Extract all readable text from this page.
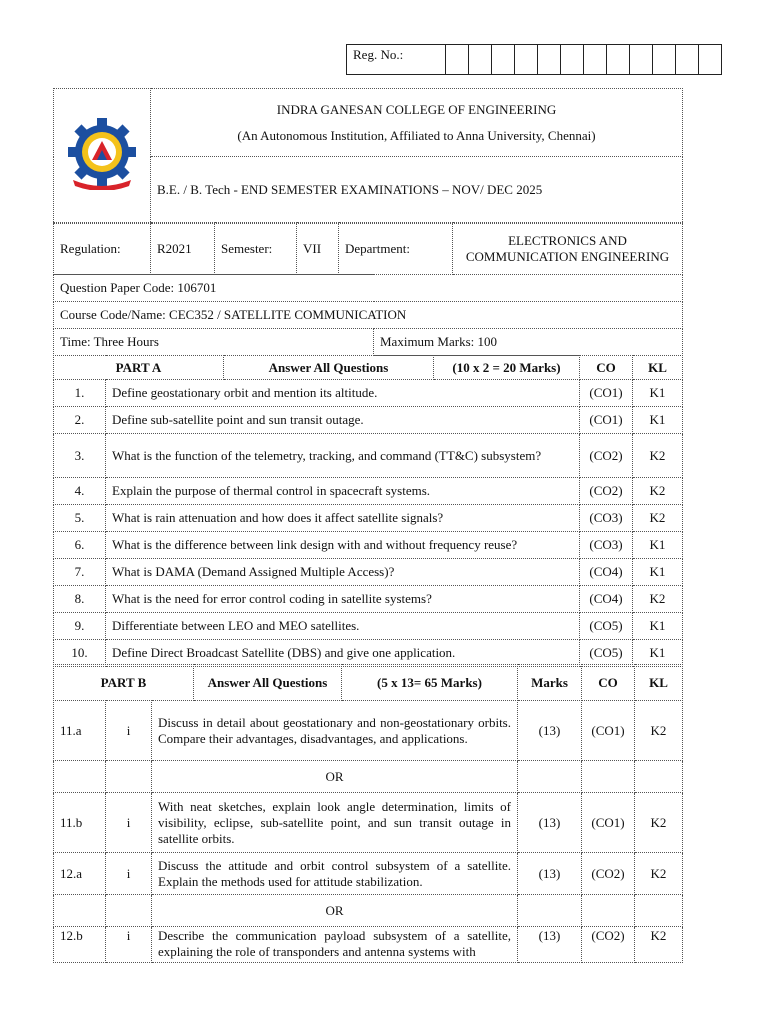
Reg. No.:												

INDRA GANESAN COLLEGE OF ENGINEERING
(An Autonomous Institution, Affiliated to Anna University, Chennai)

B.E. / B. Tech - END SEMESTER EXAMINATIONS – NOV/ DEC 2025
Regulation:	R2021	Semester:	VII	Department:	ELECTRONICS AND COMMUNICATION ENGINEERING
Question Paper Code: 106701
Course Code/Name: CEC352 / SATELLITE COMMUNICATION
Time: Three Hours	Maximum Marks: 100
PART A	Answer All Questions	(10 x 2 = 20 Marks)	CO	KL
1.	Define geostationary orbit and mention its altitude.	(CO1)	K1
2.	Define sub-satellite point and sun transit outage.	(CO1)	K1
3.	What is the function of the telemetry, tracking, and command (TT&C) subsystem?	(CO2)	K2
4.	Explain the purpose of thermal control in spacecraft systems.	(CO2)	K2
5.	What is rain attenuation and how does it affect satellite signals?	(CO3)	K2
6.	What is the difference between link design with and without frequency reuse?	(CO3)	K1
7.	What is DAMA (Demand Assigned Multiple Access)?	(CO4)	K1
8.	What is the need for error control coding in satellite systems?	(CO4)	K2
9.	Differentiate between LEO and MEO satellites.	(CO5)	K1
10.	Define Direct Broadcast Satellite (DBS) and give one application.	(CO5)	K1
PART B	Answer All Questions	(5 x 13= 65 Marks)	Marks	CO	KL
11.a	i	Discuss in detail about geostationary and non-geostationary orbits. Compare their advantages, disadvantages, and applications.	(13)	(CO1)	K2
		OR			
11.b	i	With neat sketches, explain look angle determination, limits of visibility, eclipse, sub-satellite point, and sun transit outage in satellite orbits.	(13)	(CO1)	K2
12.a	i	Discuss the attitude and orbit control subsystem of a satellite. Explain the methods used for attitude stabilization.	(13)	(CO2)	K2
		OR			
12.b	i	Describe the communication payload subsystem of a satellite, explaining the role of transponders and antenna systems with	(13)	(CO2)	K2
